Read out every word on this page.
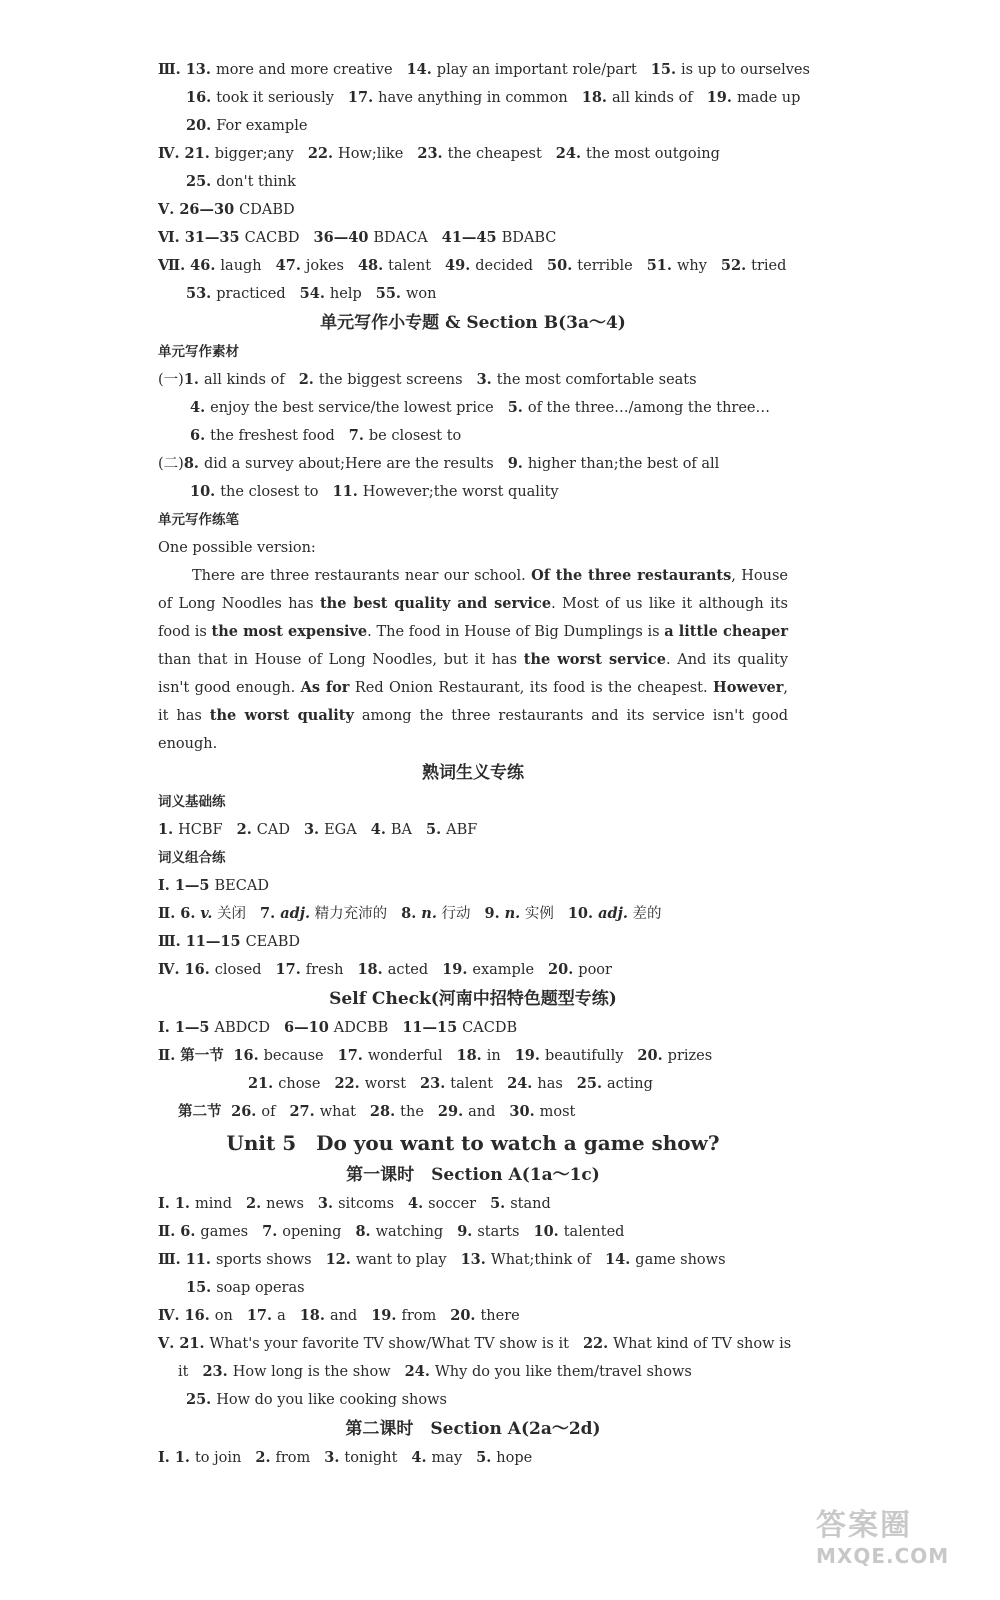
Ⅲ. 13. more and more creative 14. play an important role/part 15. is up to ourselves
16. took it seriously 17. have anything in common 18. all kinds of 19. made up
20. For example
Ⅳ. 21. bigger;any 22. How;like 23. the cheapest 24. the most outgoing
25. don't think
Ⅴ. 26—30 CDABD
Ⅵ. 31—35 CACBD 36—40 BDACA 41—45 BDABC
Ⅶ. 46. laugh 47. jokes 48. talent 49. decided 50. terrible 51. why 52. tried
53. practiced 54. help 55. won
单元写作小专题 & Section B(3a～4)
单元写作素材
(一)1. all kinds of 2. the biggest screens 3. the most comfortable seats
4. enjoy the best service/the lowest price 5. of the three…/among the three…
6. the freshest food 7. be closest to
(二)8. did a survey about;Here are the results 9. higher than;the best of all
10. the closest to 11. However;the worst quality
单元写作练笔
One possible version:

There are three restaurants near our school. Of the three restaurants, House of Long Noodles has the best quality and service. Most of us like it although its food is the most expensive. The food in House of Big Dumplings is a little cheaper than that in House of Long Noodles, but it has the worst service. And its quality isn't good enough. As for Red Onion Restaurant, its food is the cheapest. However, it has the worst quality among the three restaurants and its service isn't good enough.

熟词生义专练
词义基础练
1. HCBF 2. CAD 3. EGA 4. BA 5. ABF
词义组合练
Ⅰ. 1—5 BECAD
Ⅱ. 6. v. 关闭 7. adj. 精力充沛的 8. n. 行动 9. n. 实例 10. adj. 差的
Ⅲ. 11—15 CEABD
Ⅳ. 16. closed 17. fresh 18. acted 19. example 20. poor
Self Check(河南中招特色题型专练)
Ⅰ. 1—5 ABDCD 6—10 ADCBB 11—15 CACDB
Ⅱ. 第一节 16. because 17. wonderful 18. in 19. beautifully 20. prizes
21. chose 22. worst 23. talent 24. has 25. acting
第二节 26. of 27. what 28. the 29. and 30. most
Unit 5　Do you want to watch a game show?
第一课时　Section A(1a～1c)
Ⅰ. 1. mind 2. news 3. sitcoms 4. soccer 5. stand
Ⅱ. 6. games 7. opening 8. watching 9. starts 10. talented
Ⅲ. 11. sports shows 12. want to play 13. What;think of 14. game shows
15. soap operas
Ⅳ. 16. on 17. a 18. and 19. from 20. there
Ⅴ. 21. What's your favorite TV show/What TV show is it 22. What kind of TV show is
it 23. How long is the show 24. Why do you like them/travel shows
25. How do you like cooking shows
第二课时　Section A(2a～2d)
Ⅰ. 1. to join 2. from 3. tonight 4. may 5. hope
答案圈
MXQE.COM
